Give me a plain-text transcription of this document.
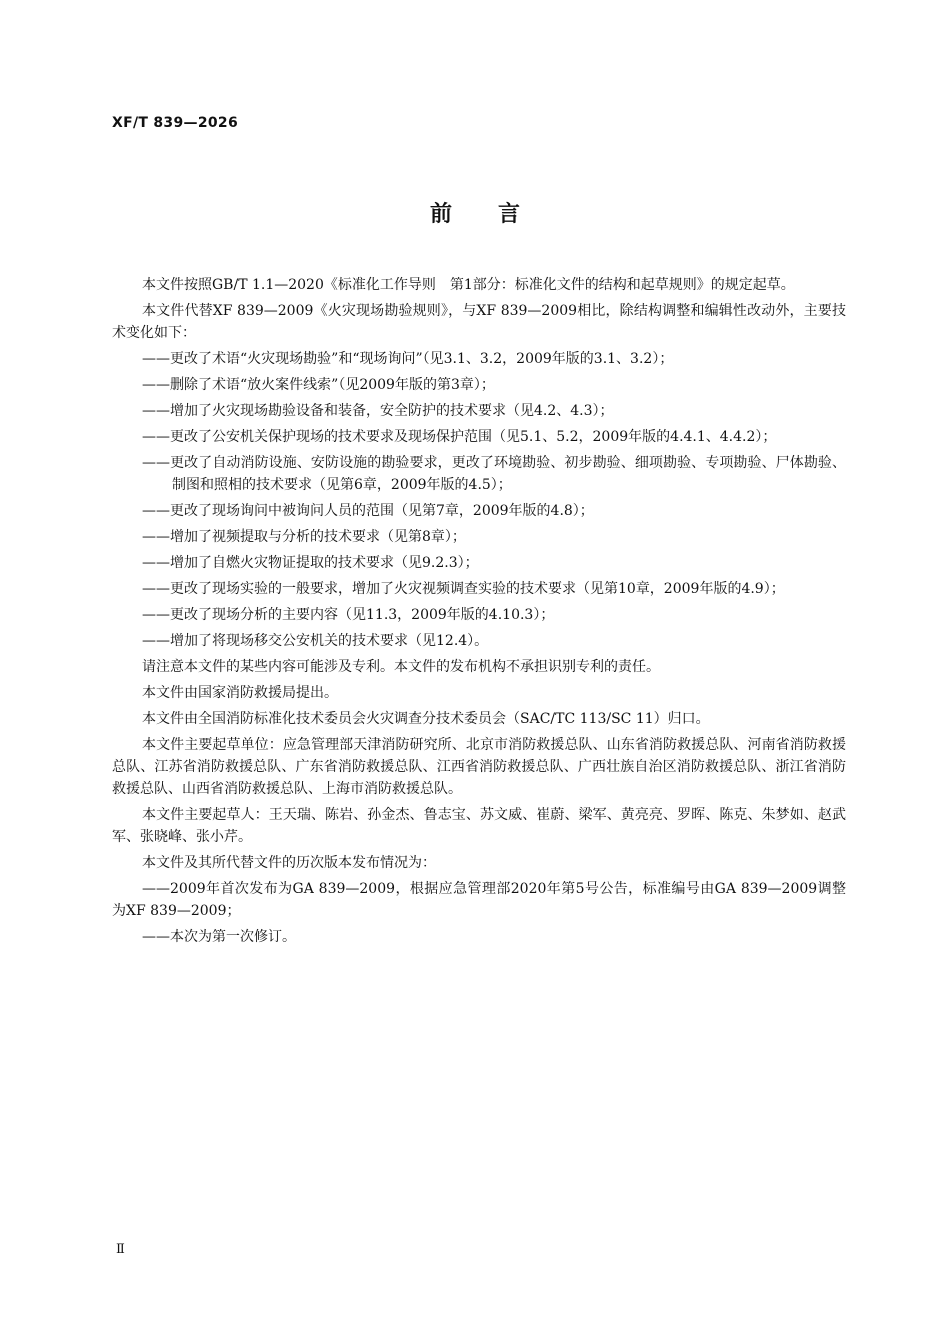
XF/T 839—2026
前 言

本文件按照GB/T 1.1—2020《标准化工作导则　第1部分：标准化文件的结构和起草规则》的规定起草。

本文件代替XF 839—2009《火灾现场勘验规则》，与XF 839—2009相比，除结构调整和编辑性改动外，主要技术变化如下：

——更改了术语“火灾现场勘验”和“现场询问”（见3.1、3.2，2009年版的3.1、3.2）；

——删除了术语“放火案件线索”（见2009年版的第3章）；

——增加了火灾现场勘验设备和装备，安全防护的技术要求（见4.2、4.3）；

——更改了公安机关保护现场的技术要求及现场保护范围（见5.1、5.2，2009年版的4.4.1、4.4.2）；

——更改了自动消防设施、安防设施的勘验要求，更改了环境勘验、初步勘验、细项勘验、专项勘验、尸体勘验、制图和照相的技术要求（见第6章，2009年版的4.5）；

——更改了现场询问中被询问人员的范围（见第7章，2009年版的4.8）；

——增加了视频提取与分析的技术要求（见第8章）；

——增加了自燃火灾物证提取的技术要求（见9.2.3）；

——更改了现场实验的一般要求，增加了火灾视频调查实验的技术要求（见第10章，2009年版的4.9）；

——更改了现场分析的主要内容（见11.3，2009年版的4.10.3）；

——增加了将现场移交公安机关的技术要求（见12.4）。

请注意本文件的某些内容可能涉及专利。本文件的发布机构不承担识别专利的责任。

本文件由国家消防救援局提出。

本文件由全国消防标准化技术委员会火灾调查分技术委员会（SAC/TC 113/SC 11）归口。

本文件主要起草单位：应急管理部天津消防研究所、北京市消防救援总队、山东省消防救援总队、河南省消防救援总队、江苏省消防救援总队、广东省消防救援总队、江西省消防救援总队、广西壮族自治区消防救援总队、浙江省消防救援总队、山西省消防救援总队、上海市消防救援总队。

本文件主要起草人：王天瑞、陈岩、孙金杰、鲁志宝、苏文威、崔蔚、梁军、黄亮亮、罗晖、陈克、朱梦如、赵武军、张晓峰、张小芹。

本文件及其所代替文件的历次版本发布情况为：

——2009年首次发布为GA 839—2009，根据应急管理部2020年第5号公告，标准编号由GA 839—2009调整为XF 839—2009；

——本次为第一次修订。

Ⅱ
